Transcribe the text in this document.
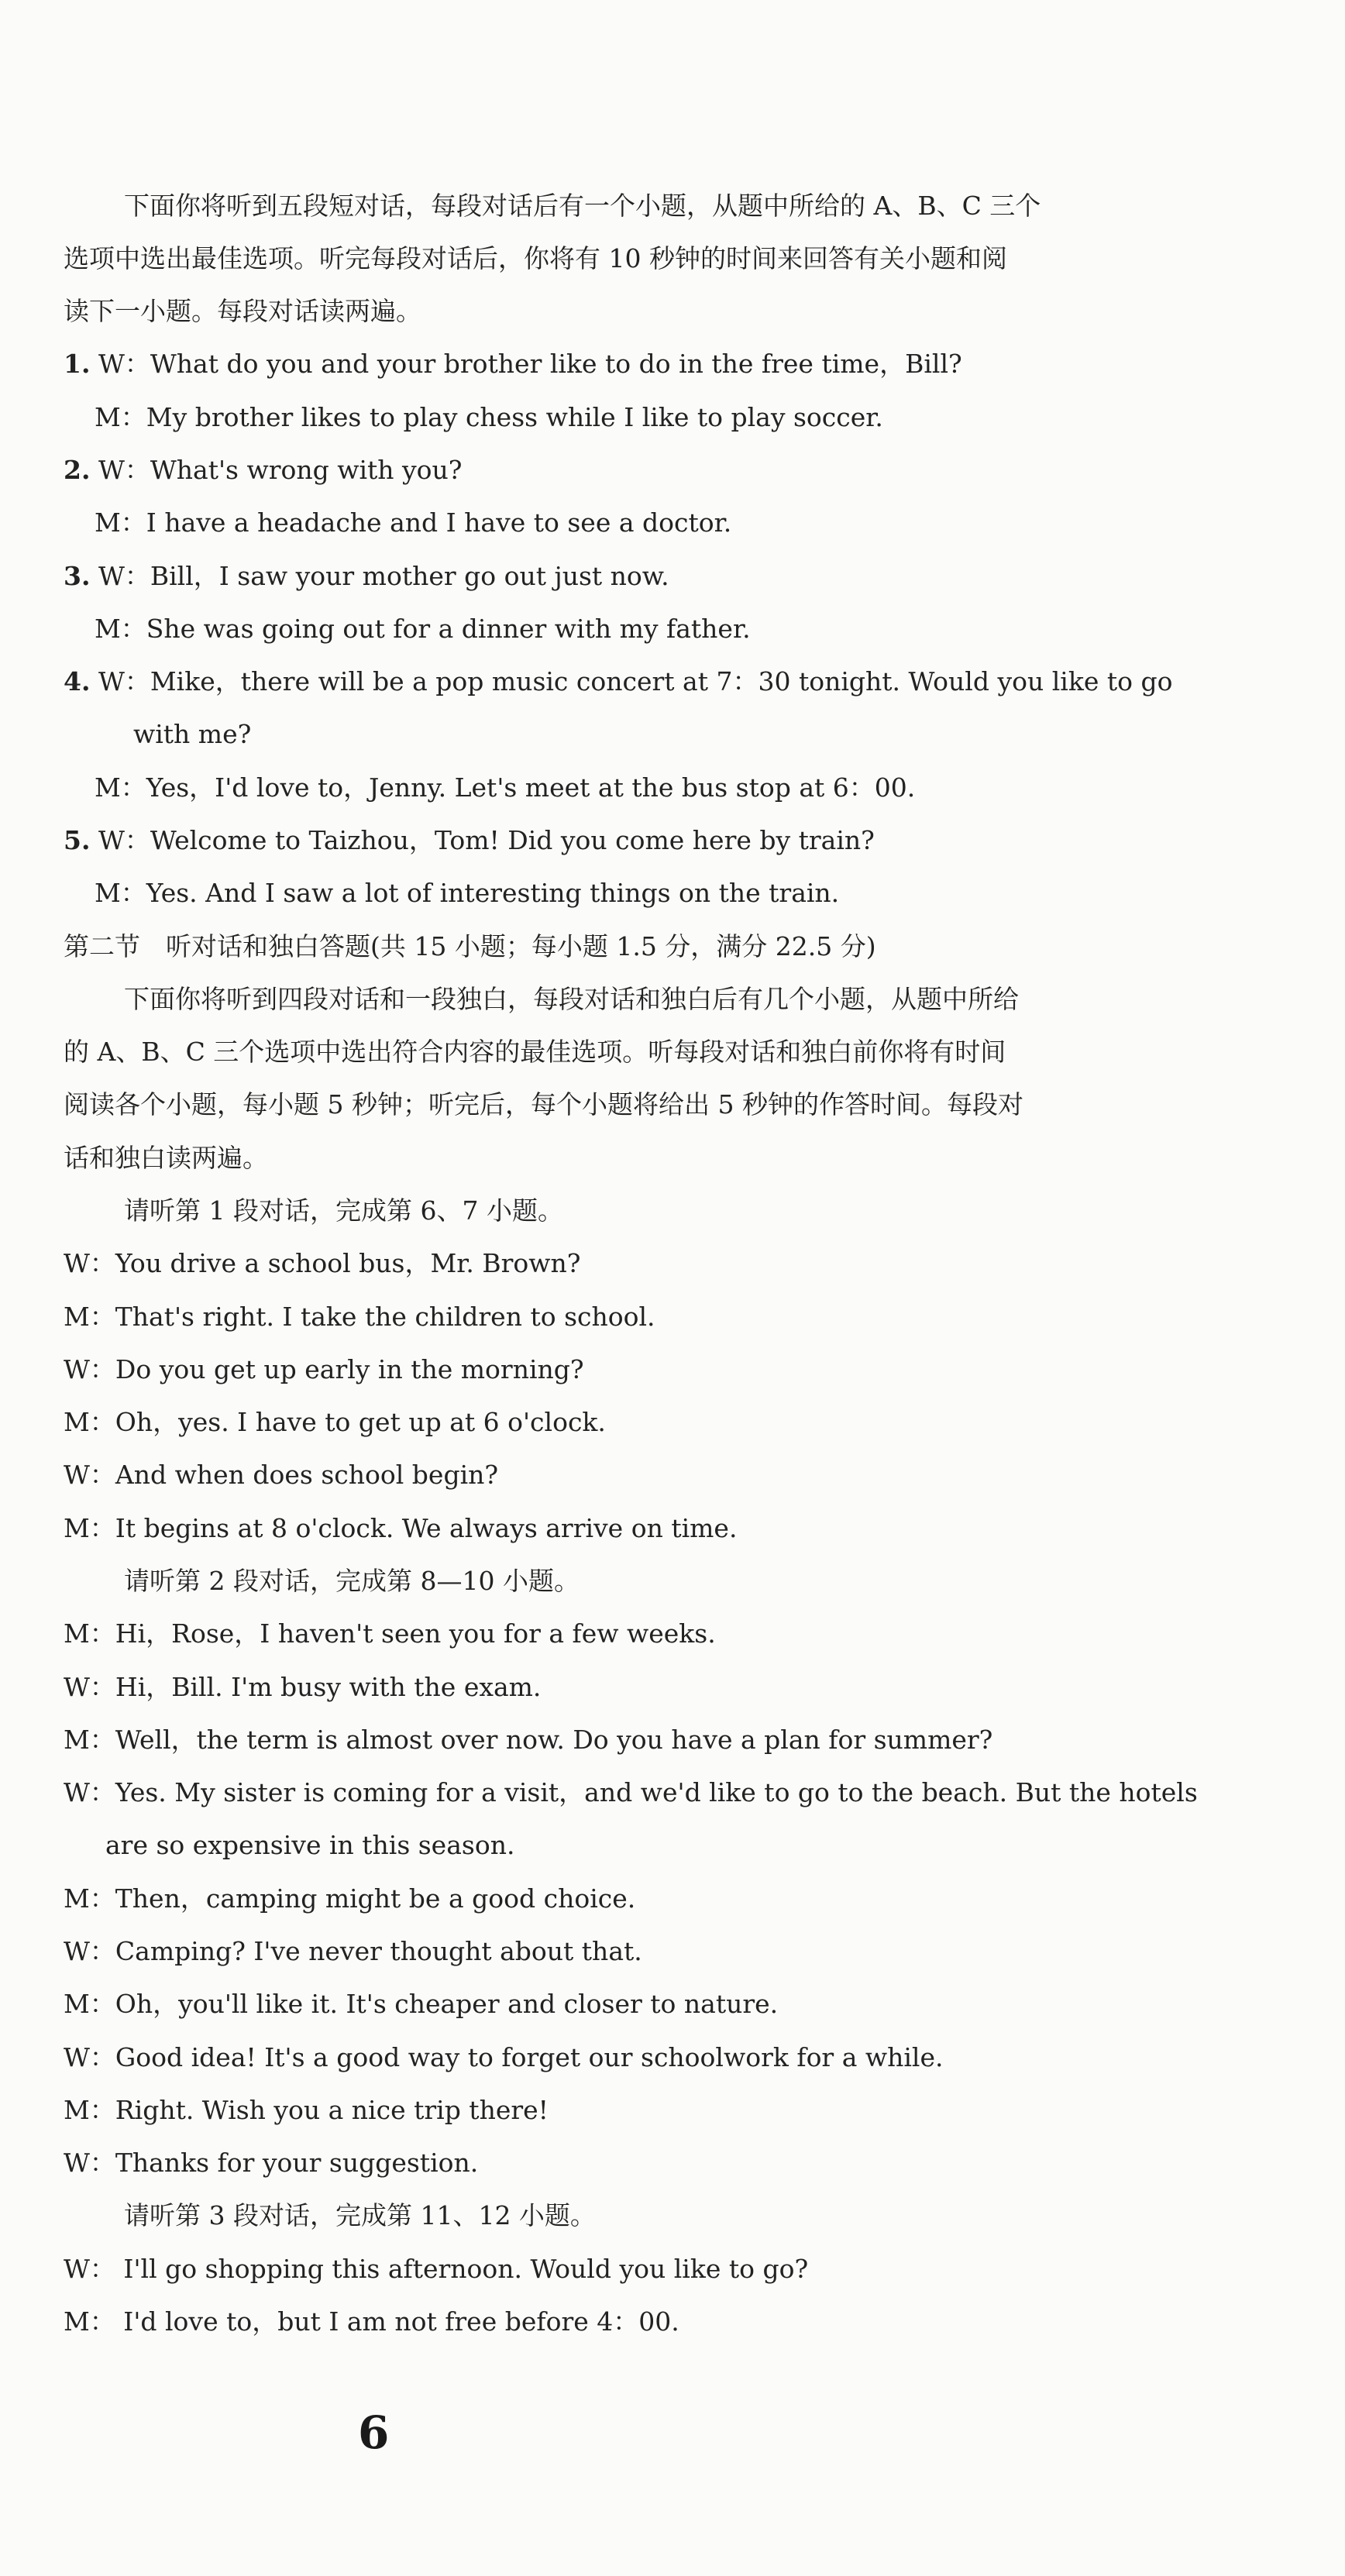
下面你将听到五段短对话，每段对话后有一个小题，从题中所给的 A、B、C 三个
选项中选出最佳选项。听完每段对话后，你将有 10 秒钟的时间来回答有关小题和阅
读下一小题。每段对话读两遍。
1. W：What do you and your brother like to do in the free time，Bill?
M：My brother likes to play chess while I like to play soccer.
2. W：What's wrong with you?
M：I have a headache and I have to see a doctor.
3. W：Bill，I saw your mother go out just now.
M：She was going out for a dinner with my father.
4. W：Mike，there will be a pop music concert at 7：30 tonight. Would you like to go
with me?
M：Yes，I'd love to，Jenny. Let's meet at the bus stop at 6：00.
5. W：Welcome to Taizhou，Tom! Did you come here by train?
M：Yes. And I saw a lot of interesting things on the train.
第二节　听对话和独白答题(共 15 小题；每小题 1.5 分，满分 22.5 分)
下面你将听到四段对话和一段独白，每段对话和独白后有几个小题，从题中所给
的 A、B、C 三个选项中选出符合内容的最佳选项。听每段对话和独白前你将有时间
阅读各个小题，每小题 5 秒钟；听完后，每个小题将给出 5 秒钟的作答时间。每段对
话和独白读两遍。
请听第 1 段对话，完成第 6、7 小题。
W：You drive a school bus，Mr. Brown?
M：That's right. I take the children to school.
W：Do you get up early in the morning?
M：Oh，yes. I have to get up at 6 o'clock.
W：And when does school begin?
M：It begins at 8 o'clock. We always arrive on time.
请听第 2 段对话，完成第 8—10 小题。
M：Hi，Rose，I haven't seen you for a few weeks.
W：Hi，Bill. I'm busy with the exam.
M：Well，the term is almost over now. Do you have a plan for summer?
W：Yes. My sister is coming for a visit，and we'd like to go to the beach. But the hotels
are so expensive in this season.
M：Then，camping might be a good choice.
W：Camping? I've never thought about that.
M：Oh，you'll like it. It's cheaper and closer to nature.
W：Good idea! It's a good way to forget our schoolwork for a while.
M：Right. Wish you a nice trip there!
W：Thanks for your suggestion.
请听第 3 段对话，完成第 11、12 小题。
W： I'll go shopping this afternoon. Would you like to go?
M： I'd love to，but I am not free before 4：00.
6
